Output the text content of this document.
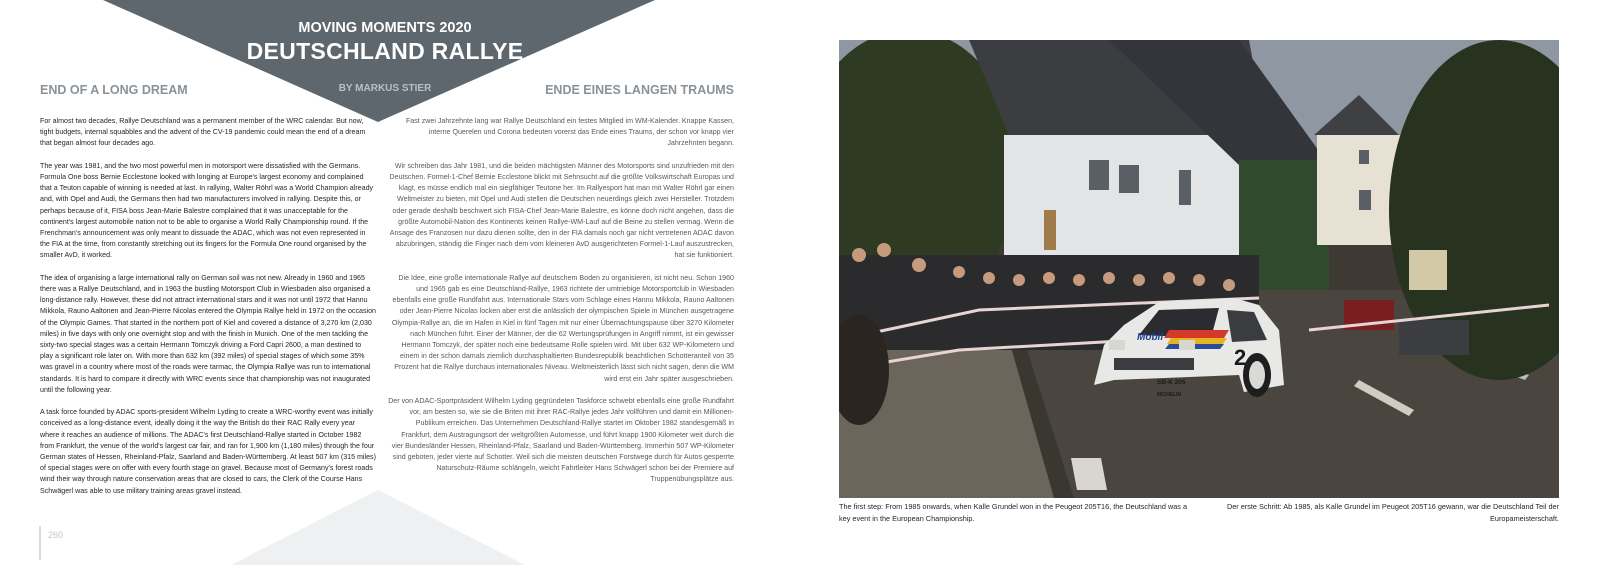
MOVING MOMENTS 2020
DEUTSCHLAND RALLYE
BY MARKUS STIER
END OF A LONG DREAM	ENDE EINES LANGEN TRAUMS

For almost two decades, Rallye Deutschland was a permanent member of the WRC calendar. But now, tight budgets, internal squabbles and the advent of the CV-19 pandemic could mean the end of a dream that began almost four decades ago.

The year was 1981, and the two most powerful men in motorsport were dissatisfied with the Germans. Formula One boss Bernie Ecclestone looked with longing at Europe's largest economy and complained that a Teuton capable of winning is needed at last. In rallying, Walter Röhrl was a World Champion already and, with Opel and Audi, the Germans then had two manufacturers involved in rallying. Despite this, or perhaps because of it, FISA boss Jean-Marie Balestre complained that it was unacceptable for the continent's largest automobile nation not to be able to organise a World Rally Championship round. If the Frenchman's announcement was only meant to dissuade the ADAC, which was not even represented in the FIA at the time, from constantly stretching out its fingers for the Formula One round organised by the smaller AvD, it worked.

The idea of organising a large international rally on German soil was not new. Already in 1960 and 1965 there was a Rallye Deutschland, and in 1963 the bustling Motorsport Club in Wiesbaden also organised a long-distance rally. However, these did not attract international stars and it was not until 1972 that Hannu Mikkola, Rauno Aaltonen and Jean-Pierre Nicolas entered the Olympia Rallye held in 1972 on the occasion of the Olympic Games. That started in the northern port of Kiel and covered a distance of 3,270 km (2,030 miles) in five days with only one overnight stop and with the finish in Munich. One of the men tackling the sixty-two special stages was a certain Hermann Tomczyk driving a Ford Capri 2600, a man destined to play a significant role later on. With more than 632 km (392 miles) of special stages of which some 35% was gravel in a country where most of the roads were tarmac, the Olympia Rallye was run to international standards. It is hard to compare it directly with WRC events since that championship was not inaugurated until the following year.

A task force founded by ADAC sports-president Wilhelm Lyding to create a WRC-worthy event was initially conceived as a long-distance event, ideally doing it the way the British do their RAC Rally every year where it reaches an audience of millions. The ADAC's first Deutschland-Rallye started in October 1982 from Frankfurt, the venue of the world's largest car fair, and ran for 1,900 km (1,180 miles) through the four German states of Hessen, Rheinland-Pfalz, Saarland and Baden-Württemberg. At least 507 km (315 miles) of special stages were on offer with every fourth stage on gravel. Because most of Germany's forest roads wind their way through nature conservation areas that are closed to cars, the Clerk of the Course Hans Schwägerl was able to use military training areas gravel instead.

Fast zwei Jahrzehnte lang war Rallye Deutschland ein festes Mitglied im WM-Kalender. Knappe Kassen, interne Querelen und Corona bedeuten vorerst das Ende eines Traums, der schon vor knapp vier Jahrzehnten begann.

Wir schreiben das Jahr 1981, und die beiden mächtigsten Männer des Motorsports sind unzufrieden mit den Deutschen. Formel-1-Chef Bernie Ecclestone blickt mit Sehnsucht auf die größte Volkswirtschaft Europas und klagt, es müsse endlich mal ein siegfähiger Teutone her. Im Rallyesport hat man mit Walter Röhrl gar einen Weltmeister zu bieten, mit Opel und Audi stellen die Deutschen neuerdings gleich zwei Hersteller. Trotzdem oder gerade deshalb beschwert sich FISA-Chef Jean-Marie Balestre, es könne doch nicht angehen, dass die größte Automobil-Nation des Kontinents keinen Rallye-WM-Lauf auf die Beine zu stellen vermag. Wenn die Ansage des Franzosen nur dazu dienen sollte, den in der FIA damals noch gar nicht vertretenen ADAC davon abzubringen, ständig die Finger nach dem vom kleineren AvD ausgerichteten Formel-1-Lauf auszustrecken, hat sie funktioniert.

Die Idee, eine große internationale Rallye auf deutschem Boden zu organisieren, ist nicht neu. Schon 1960 und 1965 gab es eine Deutschland-Rallye, 1963 richtete der umtriebige Motorsportclub in Wiesbaden ebenfalls eine große Rundfahrt aus. Internationale Stars vom Schlage eines Hannu Mikkola, Rauno Aaltonen oder Jean-Pierre Nicolas locken aber erst die anlässlich der olympischen Spiele in München ausgetragene Olympia-Rallye an, die im Hafen in Kiel in fünf Tagen mit nur einer Übernachtungspause über 3270 Kilometer nach München führt. Einer der Männer, der die 62 Wertungsprüfungen in Angriff nimmt, ist ein gewisser Hermann Tomczyk, der später noch eine bedeutsame Rolle spielen wird. Mit über 632 WP-Kilometern und einem in der schon damals ziemlich durchasphaltierten Bundesrepublik beachtlichen Schotteranteil von 35 Prozent hat die Rallye durchaus internationales Niveau. Weltmeisterlich lässt sich nicht sagen, denn die WM wird erst ein Jahr später ausgeschrieben.

Der von ADAC-Sportpräsident Wilhelm Lyding gegründeten Taskforce schwebt ebenfalls eine große Rundfahrt vor, am besten so, wie sie die Briten mit ihrer RAC-Rallye jedes Jahr vollführen und damit ein Millionen-Publikum erreichen. Das Unternehmen Deutschland-Rallye startet im Oktober 1982 standesgemäß in Frankfurt, dem Austragungsort der weltgrößten Automesse, und führt knapp 1900 Kilometer weit durch die vier Bundesländer Hessen, Rheinland-Pfalz, Saarland und Baden-Württemberg. Immerhin 507 WP-Kilometer sind geboten, jeder vierte auf Schotter. Weil sich die meisten deutschen Forstwege durch für Autos gesperrte Naturschutz-Räume schlängeln, weicht Fahrtleiter Hans Schwägerl schon bei der Premiere auf Truppenübungsplätze aus.

260
Mobil
2
SB-K 205
MICHELIN
The first step: From 1985 onwards, when Kalle Grundel won in the Peugeot 205T16, the Deutschland was a key event in the European Championship.
Der erste Schritt: Ab 1985, als Kalle Grundel im Peugeot 205T16 gewann, war die Deutschland Teil der Europameisterschaft.
